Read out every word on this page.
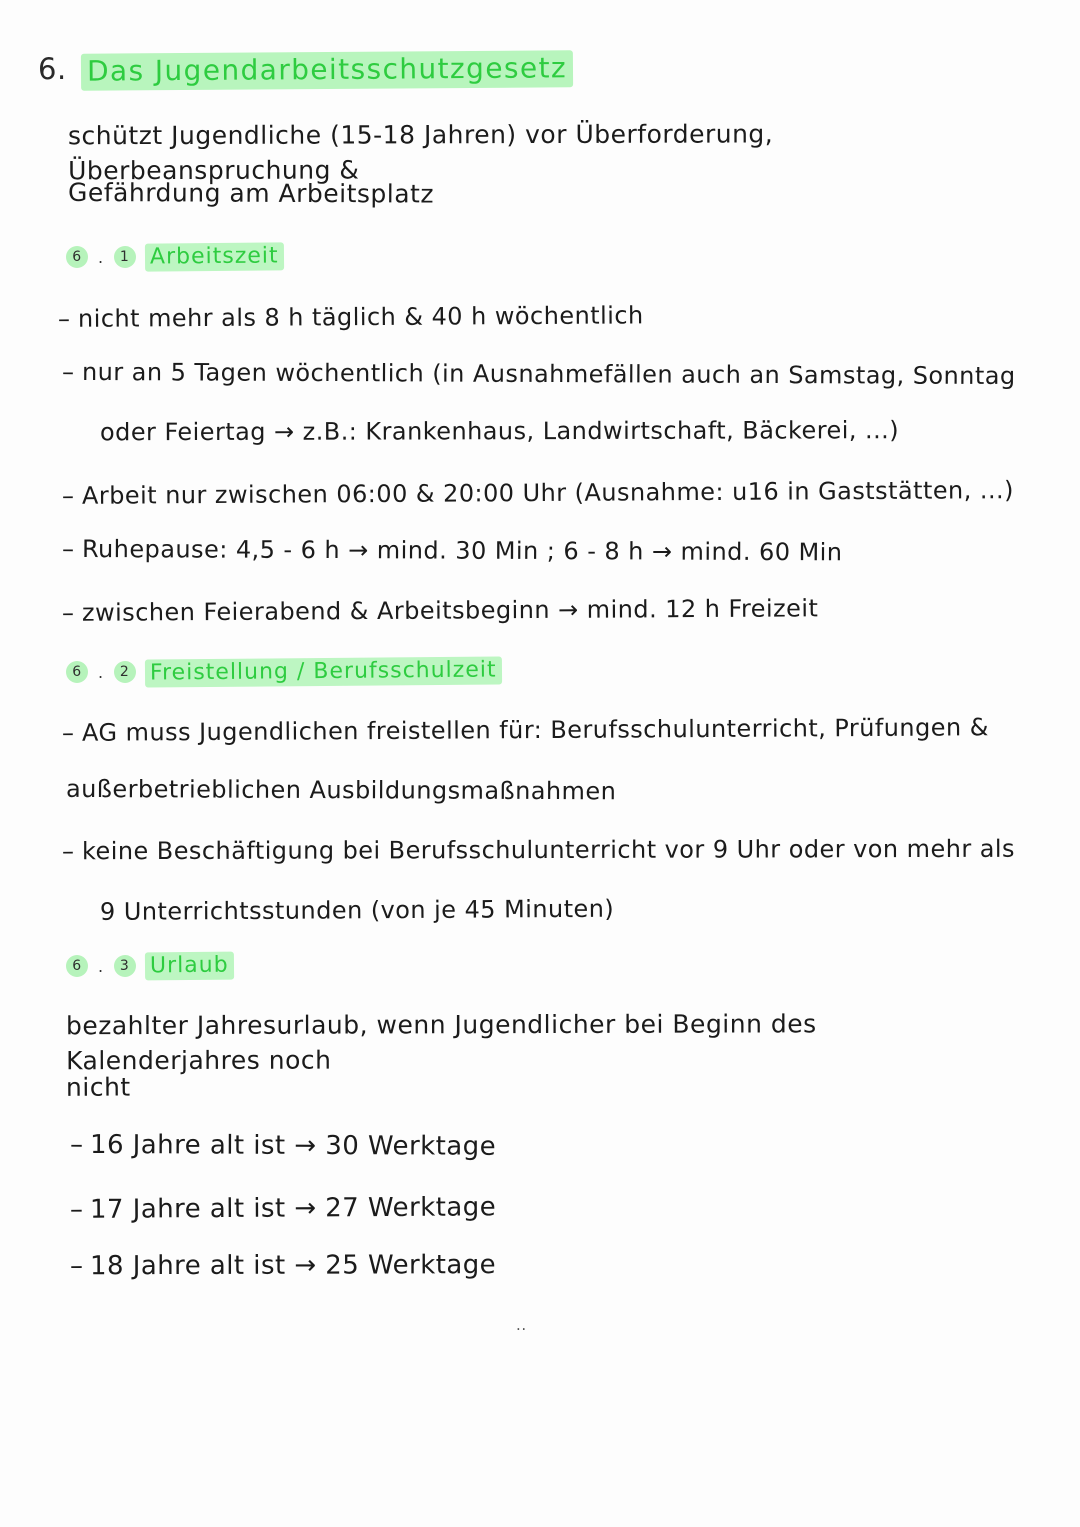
6. Das Jugendarbeitsschutzgesetz
schützt Jugendliche (15-18 Jahren) vor Überforderung, Überbeanspruchung &
Gefährdung am Arbeitsplatz
6	.	1 Arbeitszeit
– nicht mehr als 8 h täglich & 40 h wöchentlich
– nur an 5 Tagen wöchentlich (in Ausnahmefällen auch an Samstag, Sonntag
oder Feiertag → z.B.: Krankenhaus, Landwirtschaft, Bäckerei, ...)
– Arbeit nur zwischen 06:00 & 20:00 Uhr (Ausnahme: u16 in Gaststätten, ...)
– Ruhepause: 4,5 - 6 h → mind. 30 Min ; 6 - 8 h → mind. 60 Min
– zwischen Feierabend & Arbeitsbeginn → mind. 12 h Freizeit
6	.	2 Freistellung / Berufsschulzeit
– AG muss Jugendlichen freistellen für: Berufsschulunterricht, Prüfungen &
außerbetrieblichen Ausbildungsmaßnahmen
– keine Beschäftigung bei Berufsschulunterricht vor 9 Uhr oder von mehr als
9 Unterrichtsstunden (von je 45 Minuten)
6	.	3 Urlaub
bezahlter Jahresurlaub, wenn Jugendlicher bei Beginn des Kalenderjahres noch
nicht
– 16 Jahre alt ist → 30 Werktage
– 17 Jahre alt ist → 27 Werktage
– 18 Jahre alt ist → 25 Werktage
..
